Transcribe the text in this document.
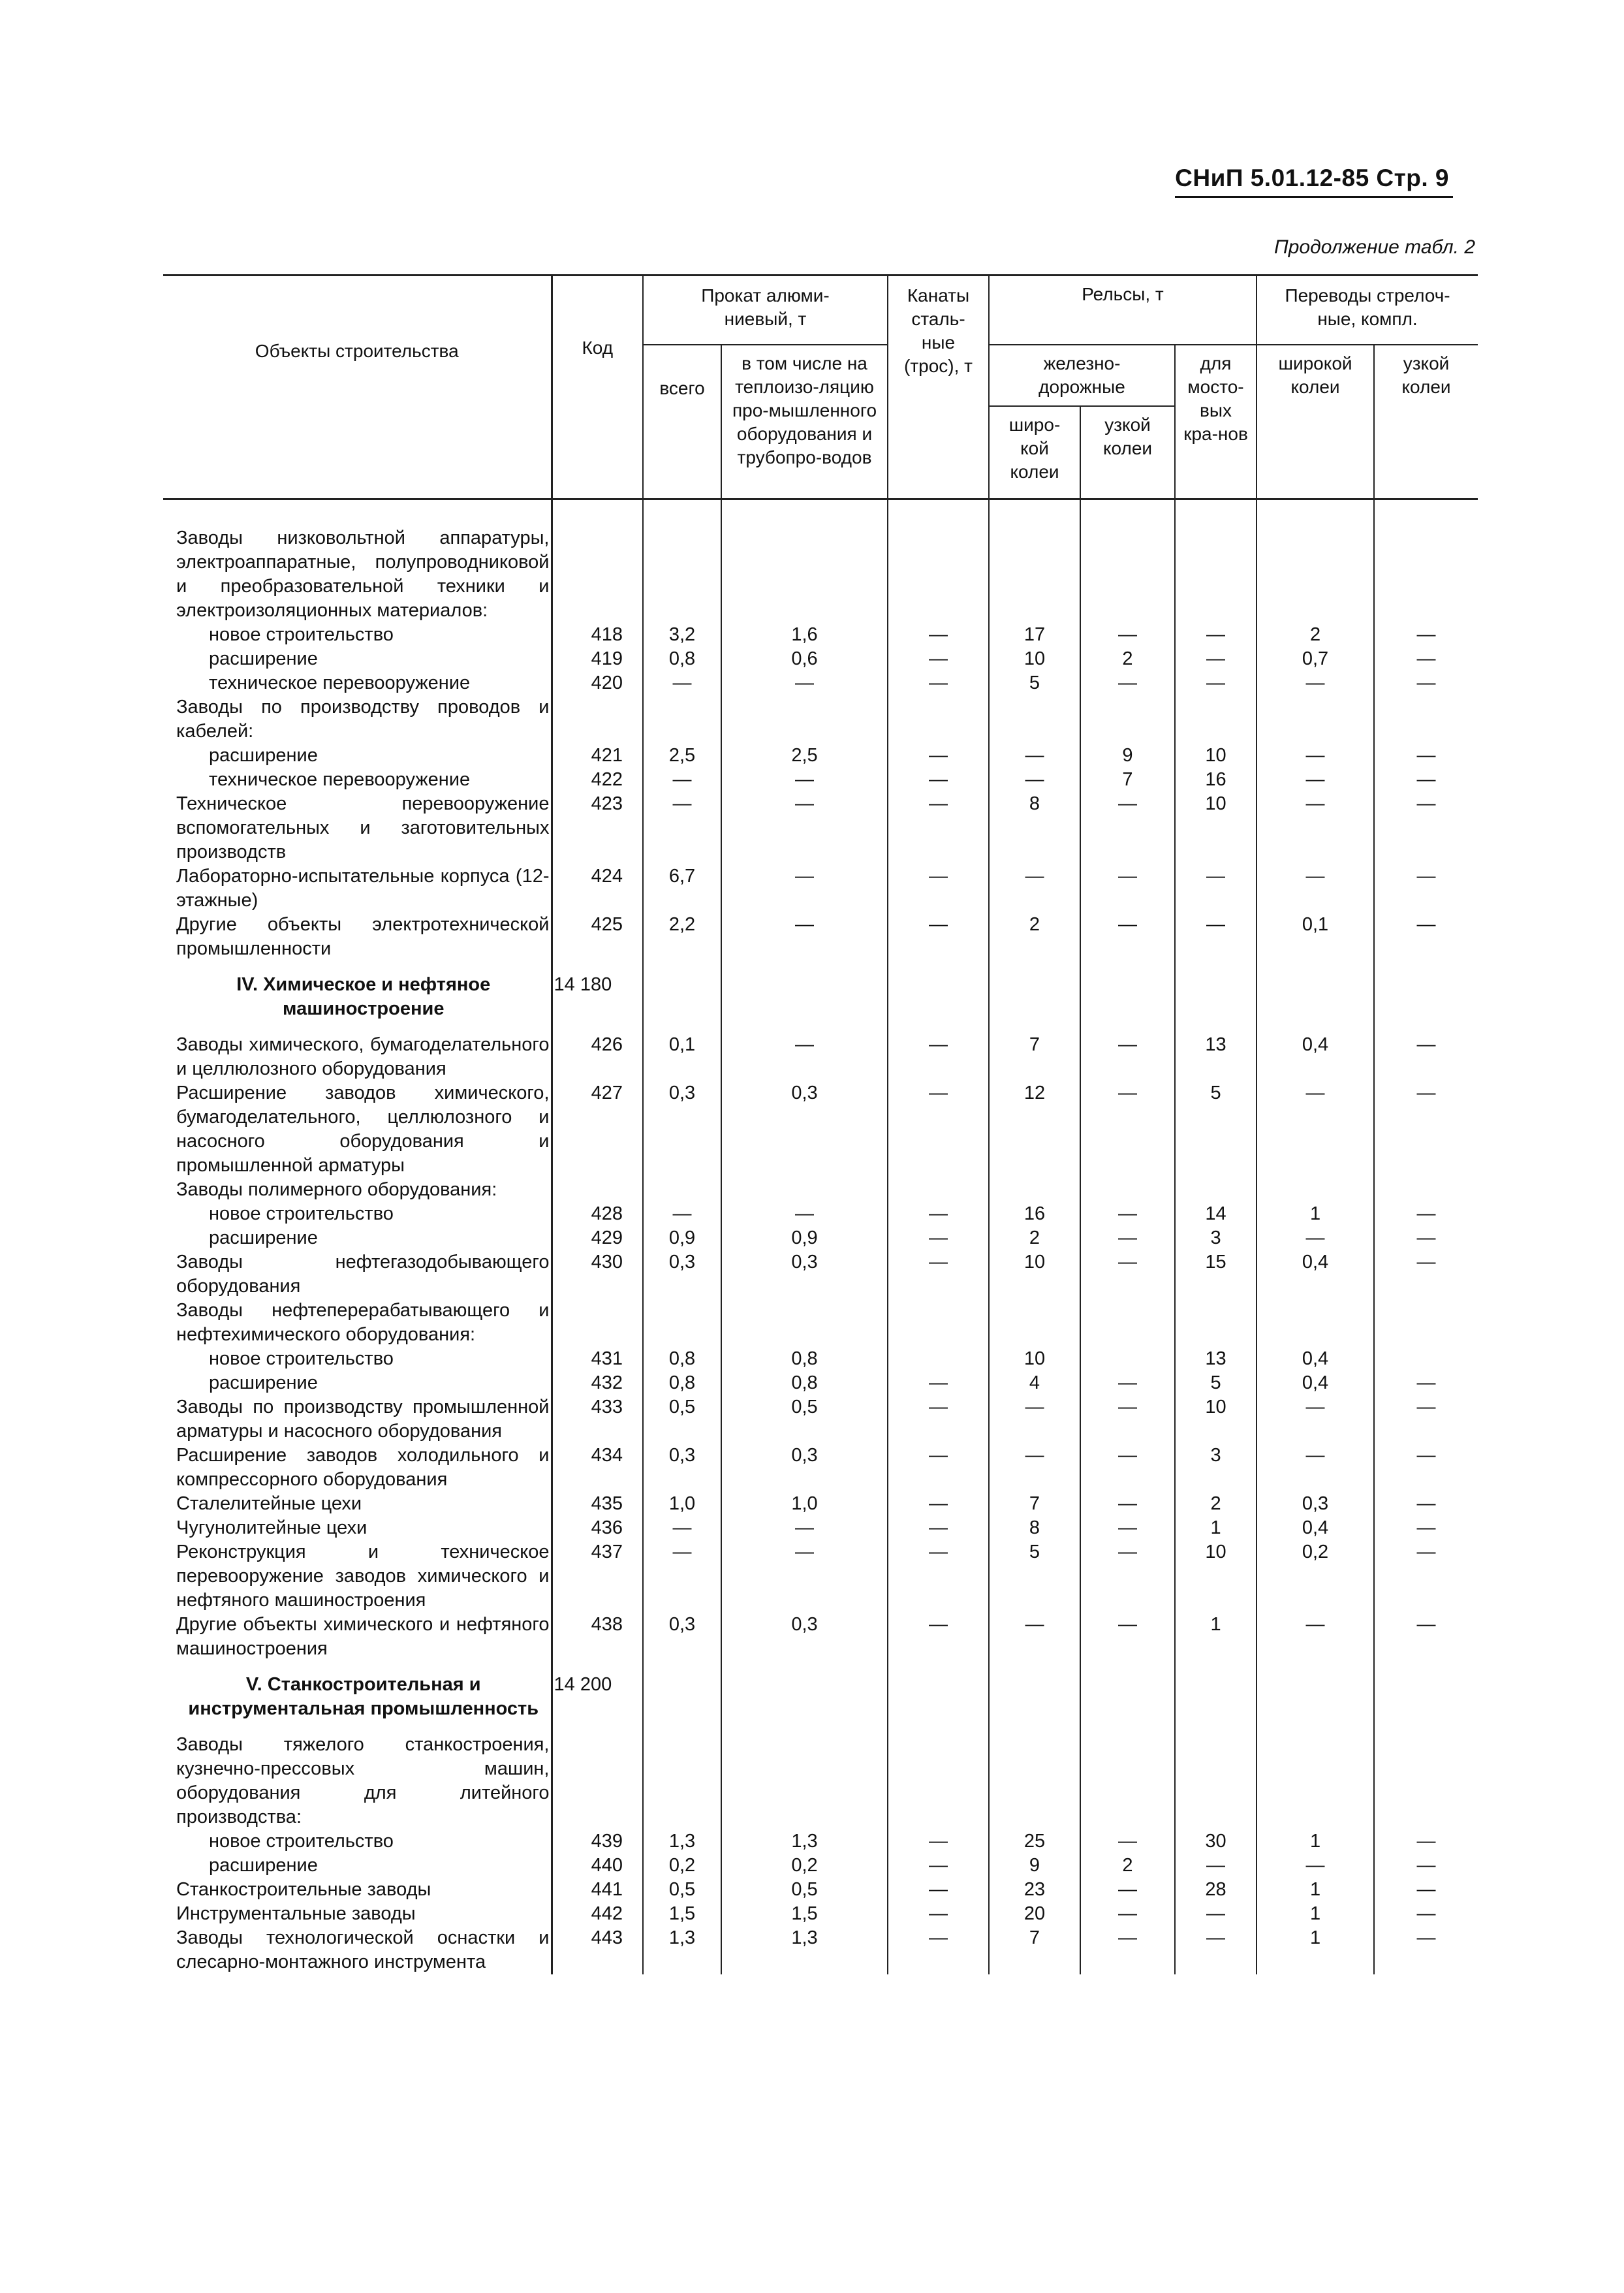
СНиП 5.01.12-85 Стр. 9
Продолжение табл. 2
Объекты строительства	Код	Прокат алюми-ниевый, т		Канаты сталь-ные (трос), т	Рельсы, т			Переводы стрелоч-ные, компл.	
		всего	в том числе на теплоизо-ляцию про-мышленного оборудования и трубопро-водов		железно-дорожные		для мосто-вых кра-нов	широкой колеи	узкой колеи
					широ-кой колеи	узкой колеи			

Заводы низковольтной аппаратуры, электроаппаратные, полупроводниковой и преобразовательной техники и электроизоляционных материалов:									
новое строительство	418	3,2	1,6	—	17	—	—	2	—
расширение	419	0,8	0,6	—	10	2	—	0,7	—
техническое перевооружение	420	—	—	—	5	—	—	—	—
Заводы по производству проводов и кабелей:									
расширение	421	2,5	2,5	—	—	9	10	—	—
техническое перевооружение	422	—	—	—	—	7	16	—	—
Техническое перевооружение вспомогательных и заготовительных производств	423	—	—	—	8	—	10	—	—
Лабораторно-испытательные корпуса (12-этажные)	424	6,7	—	—	—	—	—	—	—
Другие объекты электротехнической промышленности	425	2,2	—	—	2	—	—	0,1	—
IV. Химическое и нефтяное машиностроение	14 180								
Заводы химического, бумагоделательного и целлюлозного оборудования	426	0,1	—	—	7	—	13	0,4	—
Расширение заводов химического, бумагоделательного, целлюлозного и насосного оборудования и промышленной арматуры	427	0,3	0,3	—	12	—	5	—	—
Заводы полимерного оборудования:									
новое строительство	428	—	—	—	16	—	14	1	—
расширение	429	0,9	0,9	—	2	—	3	—	—
Заводы нефтегазодобывающего оборудования	430	0,3	0,3	—	10	—	15	0,4	—
Заводы нефтеперерабатывающего и нефтехимического оборудования:									
новое строительство	431	0,8	0,8		10		13	0,4	
расширение	432	0,8	0,8	—	4	—	5	0,4	—
Заводы по производству промышленной арматуры и насосного оборудования	433	0,5	0,5	—	—	—	10	—	—
Расширение заводов холодильного и компрессорного оборудования	434	0,3	0,3	—	—	—	3	—	—
Сталелитейные цехи	435	1,0	1,0	—	7	—	2	0,3	—
Чугунолитейные цехи	436	—	—	—	8	—	1	0,4	—
Реконструкция и техническое перевооружение заводов химического и нефтяного машиностроения	437	—	—	—	5	—	10	0,2	—
Другие объекты химического и нефтяного машиностроения	438	0,3	0,3	—	—	—	1	—	—
V. Станкостроительная и инструментальная промышленность	14 200								
Заводы тяжелого станкостроения, кузнечно-прессовых машин, оборудования для литейного производства:									
новое строительство	439	1,3	1,3	—	25	—	30	1	—
расширение	440	0,2	0,2	—	9	2	—	—	—
Станкостроительные заводы	441	0,5	0,5	—	23	—	28	1	—
Инструментальные заводы	442	1,5	1,5	—	20	—	—	1	—
Заводы технологической оснастки и слесарно-монтажного инструмента	443	1,3	1,3	—	7	—	—	1	—
